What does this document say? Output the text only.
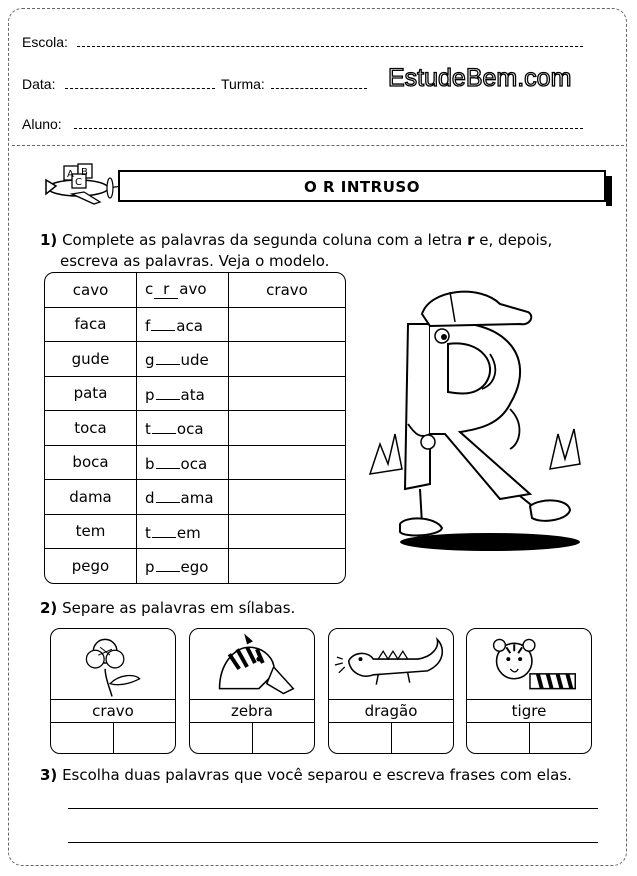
Escola:
Data:	Turma:	EstudeBem.com
Aluno:
A B
C	O R INTRUSO
1) Complete as palavras da segunda coluna com a letra r e, depois,
escreva as palavras. Veja o modelo.
cavo	c r avo	cravo
faca	f aca	
gude	g ude	
pata	p ata	
toca	t oca	
boca	b oca	
dama	d ama	
tem	t em	
pego	p ego	
2) Separe as palavras em sílabas.
cravo	zebra	dragão	tigre
3) Escolha duas palavras que você separou e escreva frases com elas.
